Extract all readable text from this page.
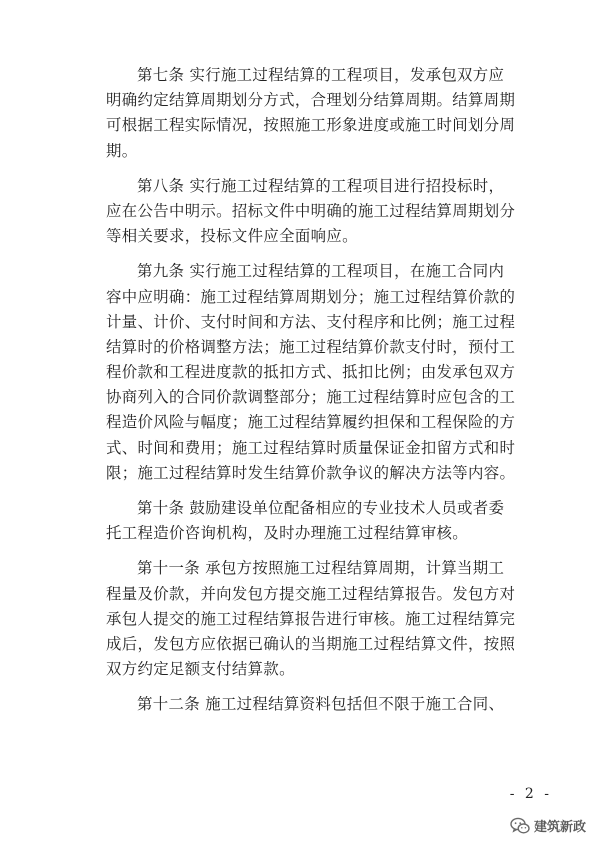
第七条 实行施工过程结算的工程项目，发承包双方应
明确约定结算周期划分方式，合理划分结算周期。结算周期
可根据工程实际情况，按照施工形象进度或施工时间划分周
期。
第八条 实行施工过程结算的工程项目进行招投标时，
应在公告中明示。招标文件中明确的施工过程结算周期划分
等相关要求，投标文件应全面响应。
第九条 实行施工过程结算的工程项目，在施工合同内
容中应明确：施工过程结算周期划分；施工过程结算价款的
计量、计价、支付时间和方法、支付程序和比例；施工过程
结算时的价格调整方法；施工过程结算价款支付时，预付工
程价款和工程进度款的抵扣方式、抵扣比例；由发承包双方
协商列入的合同价款调整部分；施工过程结算时应包含的工
程造价风险与幅度；施工过程结算履约担保和工程保险的方
式、时间和费用；施工过程结算时质量保证金扣留方式和时
限；施工过程结算时发生结算价款争议的解决方法等内容。
第十条 鼓励建设单位配备相应的专业技术人员或者委
托工程造价咨询机构，及时办理施工过程结算审核。
第十一条 承包方按照施工过程结算周期，计算当期工
程量及价款，并向发包方提交施工过程结算报告。发包方对
承包人提交的施工过程结算报告进行审核。施工过程结算完
成后，发包方应依据已确认的当期施工过程结算文件，按照
双方约定足额支付结算款。
第十二条 施工过程结算资料包括但不限于施工合同、
- 2 -
建筑新政
